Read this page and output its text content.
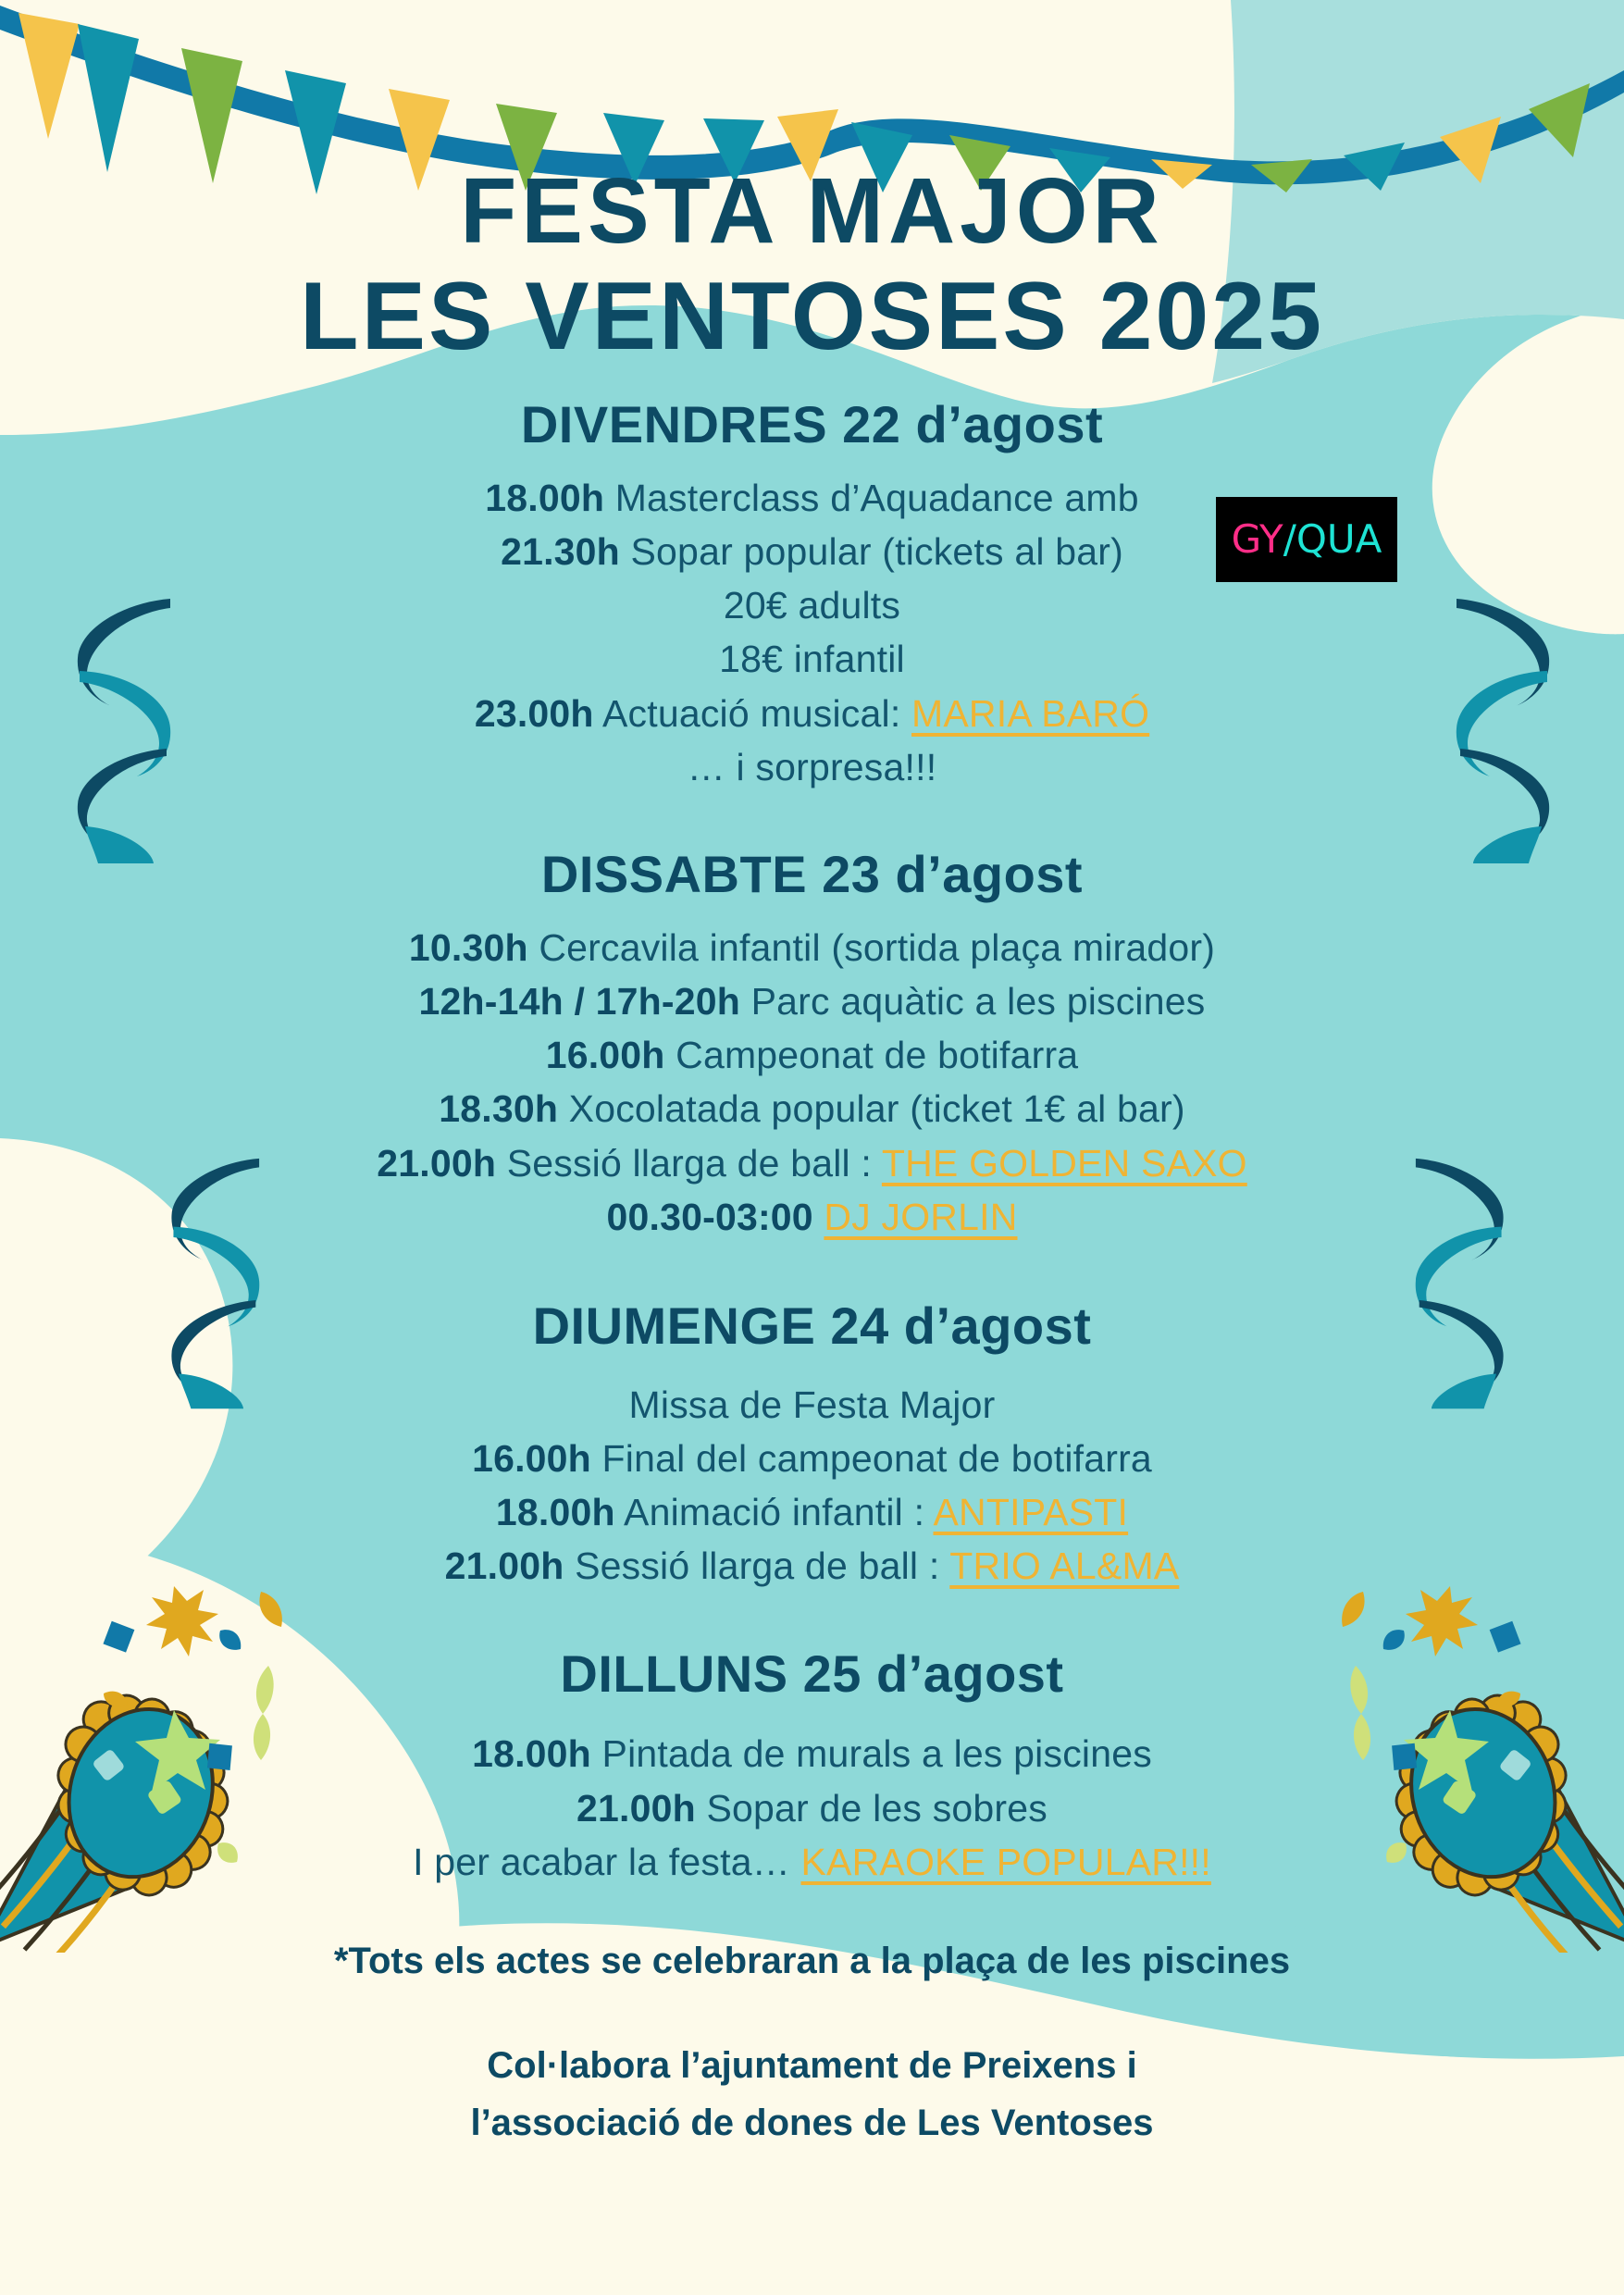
GY /QUA
FESTA MAJOR
LES VENTOSES 2025
DIVENDRES 22 d’agost

18.00h Masterclass d’Aquadance amb

21.30h Sopar popular (tickets al bar)

20€ adults

18€ infantil

23.00h Actuació musical: MARIA BARÓ

… i sorpresa!!!

DISSABTE 23 d’agost

10.30h Cercavila infantil (sortida plaça mirador)

12h-14h / 17h-20h Parc aquàtic a les piscines

16.00h Campeonat de botifarra

18.30h Xocolatada popular (ticket 1€ al bar)

21.00h Sessió llarga de ball : THE GOLDEN SAXO

00.30-03:00 DJ JORLIN

DIUMENGE 24 d’agost

Missa de Festa Major

16.00h Final del campeonat de botifarra

18.00h Animació infantil : ANTIPASTI

21.00h Sessió llarga de ball : TRIO AL&MA

DILLUNS 25 d’agost

18.00h Pintada de murals a les piscines

21.00h Sopar de les sobres

I per acabar la festa… KARAOKE POPULAR!!!

*Tots els actes se celebraran a la plaça de les piscines
Col·labora l’ajuntament de Preixens i
l’associació de dones de Les Ventoses
